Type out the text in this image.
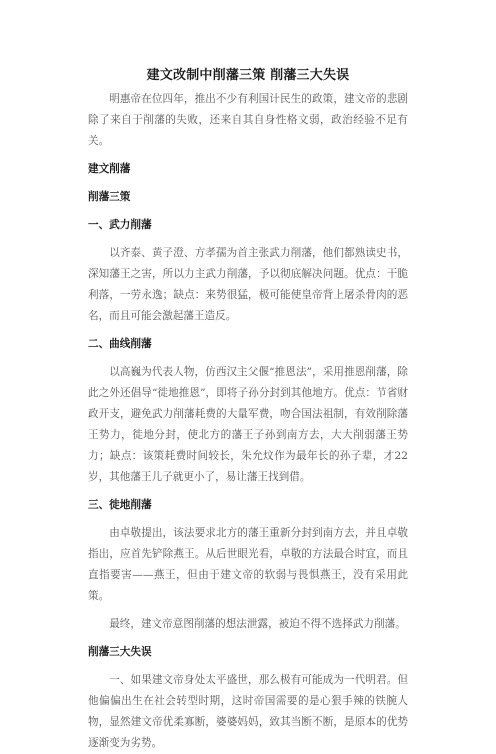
建文改制中削藩三策 削藩三大失误

明惠帝在位四年，推出不少有利国计民生的政策，建文帝的悲剧除了来自于削藩的失败，还来自其自身性格文弱，政治经验不足有关。

建文削藩

削藩三策

一、武力削藩

以齐泰、黄子澄、方孝孺为首主张武力削藩，他们都熟读史书，深知藩王之害，所以力主武力削藩，予以彻底解决问题。优点：干脆利落，一劳永逸；缺点：来势很猛，极可能使皇帝背上屠杀骨肉的恶名，而且可能会激起藩王造反。

二、曲线削藩

以高巍为代表人物，仿西汉主父偃“推恩法”，采用推恩削藩，除此之外还倡导“徙地推恩”，即将子孙分封到其他地方。优点：节省财政开支，避免武力削藩耗费的大量军费，吻合国法祖制，有效削除藩王势力，徙地分封，使北方的藩王子孙到南方去，大大削弱藩王势力；缺点：该策耗费时间较长，朱允炆作为最年长的孙子辈，才22岁，其他藩王儿子就更小了，易让藩王找到借。

三、徙地削藩

由卓敬提出，该法要求北方的藩王重新分封到南方去，并且卓敬指出，应首先铲除燕王。从后世眼光看，卓敬的方法最合时宜，而且直指要害——燕王，但由于建文帝的软弱与畏惧燕王，没有采用此策。

最终，建文帝意图削藩的想法泄露，被迫不得不选择武力削藩。

削藩三大失误

一、如果建文帝身处太平盛世，那么极有可能成为一代明君。但他偏偏出生在社会转型时期，这时帝国需要的是心狠手辣的铁腕人物，显然建文帝优柔寡断，婆婆妈妈，致其当断不断，是原本的优势逐渐变为劣势。
